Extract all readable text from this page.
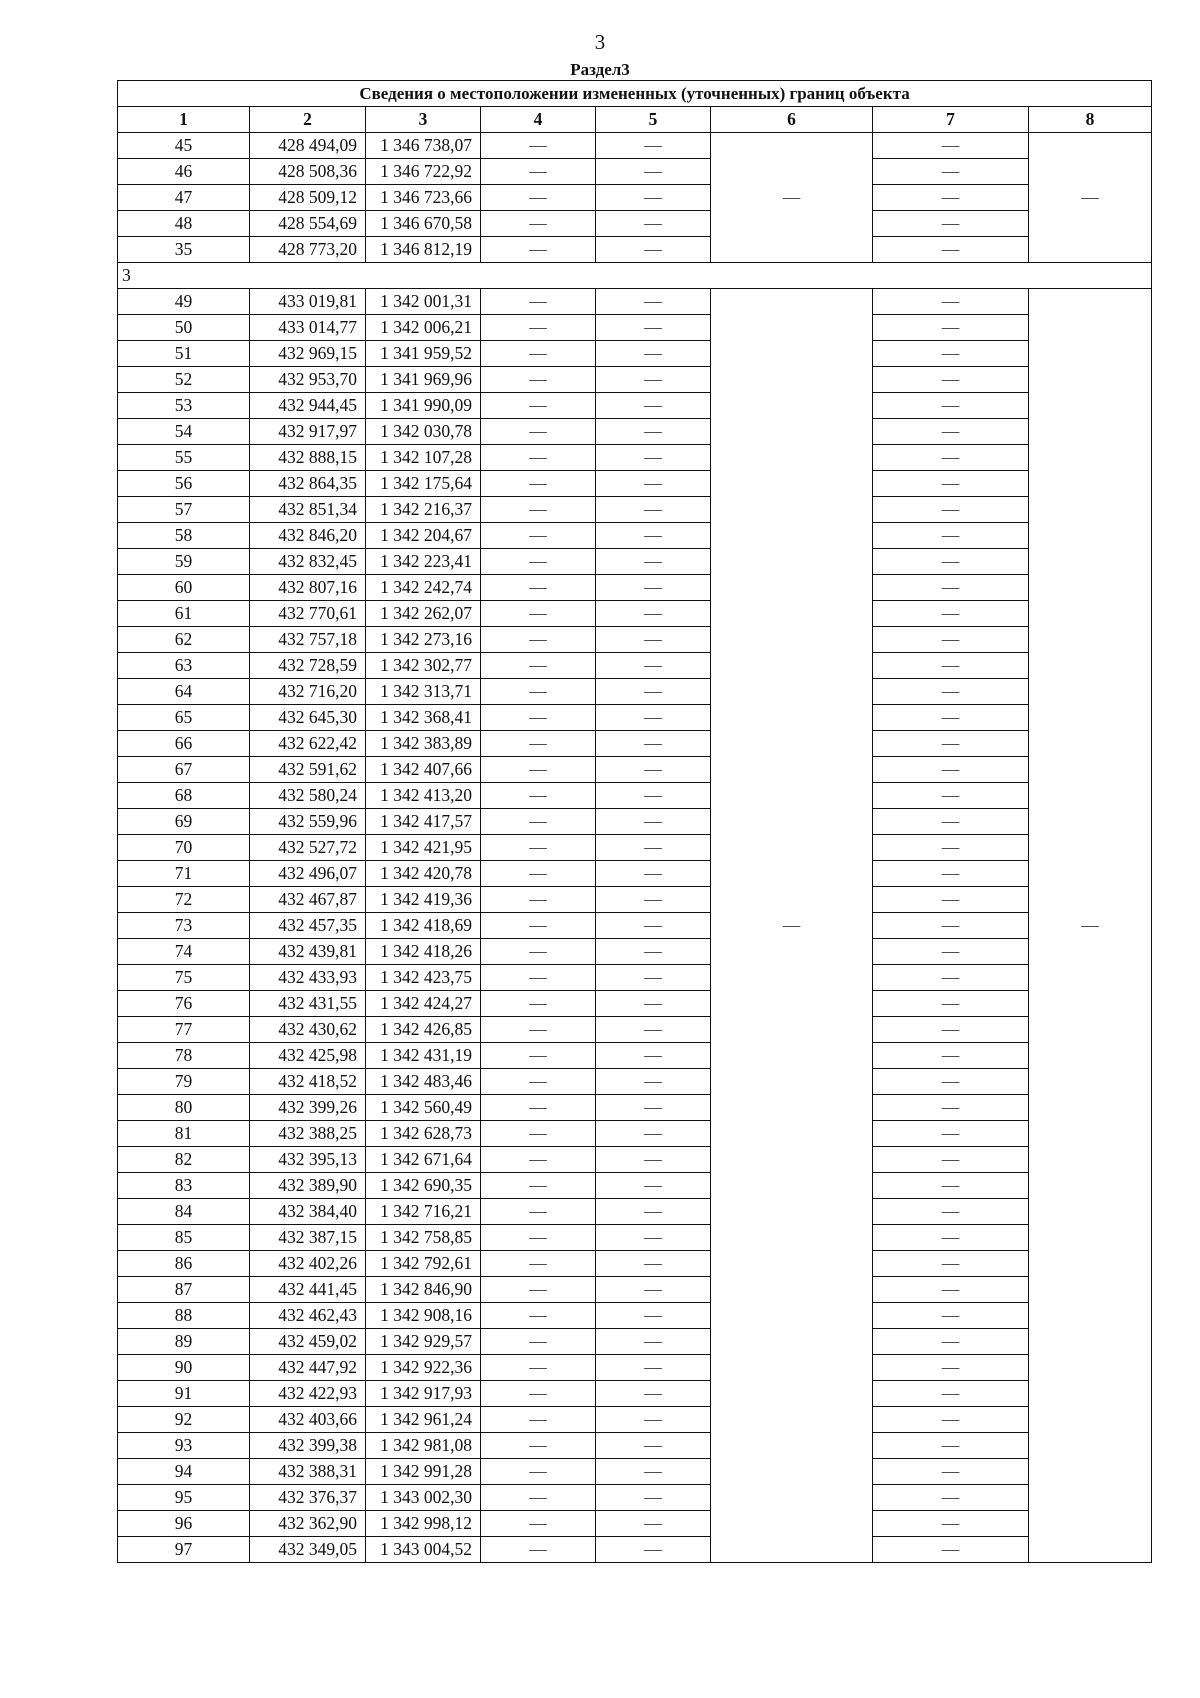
3
Раздел3
Сведения о местоположении измененных (уточненных) границ объекта							
1	2	3	4	5	6	7	8
45	428 494,09	1 346 738,07	—	—	—	—	—
46	428 508,36	1 346 722,92	—	—		—	
47	428 509,12	1 346 723,66	—	—		—	
48	428 554,69	1 346 670,58	—	—		—	
35	428 773,20	1 346 812,19	—	—		—	
3							
49	433 019,81	1 342 001,31	—	—	—	—	—
50	433 014,77	1 342 006,21	—	—		—	
51	432 969,15	1 341 959,52	—	—		—	
52	432 953,70	1 341 969,96	—	—		—	
53	432 944,45	1 341 990,09	—	—		—	
54	432 917,97	1 342 030,78	—	—		—	
55	432 888,15	1 342 107,28	—	—		—	
56	432 864,35	1 342 175,64	—	—		—	
57	432 851,34	1 342 216,37	—	—		—	
58	432 846,20	1 342 204,67	—	—		—	
59	432 832,45	1 342 223,41	—	—		—	
60	432 807,16	1 342 242,74	—	—		—	
61	432 770,61	1 342 262,07	—	—		—	
62	432 757,18	1 342 273,16	—	—		—	
63	432 728,59	1 342 302,77	—	—		—	
64	432 716,20	1 342 313,71	—	—		—	
65	432 645,30	1 342 368,41	—	—		—	
66	432 622,42	1 342 383,89	—	—		—	
67	432 591,62	1 342 407,66	—	—		—	
68	432 580,24	1 342 413,20	—	—		—	
69	432 559,96	1 342 417,57	—	—		—	
70	432 527,72	1 342 421,95	—	—		—	
71	432 496,07	1 342 420,78	—	—		—	
72	432 467,87	1 342 419,36	—	—		—	
73	432 457,35	1 342 418,69	—	—		—	
74	432 439,81	1 342 418,26	—	—		—	
75	432 433,93	1 342 423,75	—	—		—	
76	432 431,55	1 342 424,27	—	—		—	
77	432 430,62	1 342 426,85	—	—		—	
78	432 425,98	1 342 431,19	—	—		—	
79	432 418,52	1 342 483,46	—	—		—	
80	432 399,26	1 342 560,49	—	—		—	
81	432 388,25	1 342 628,73	—	—		—	
82	432 395,13	1 342 671,64	—	—		—	
83	432 389,90	1 342 690,35	—	—		—	
84	432 384,40	1 342 716,21	—	—		—	
85	432 387,15	1 342 758,85	—	—		—	
86	432 402,26	1 342 792,61	—	—		—	
87	432 441,45	1 342 846,90	—	—		—	
88	432 462,43	1 342 908,16	—	—		—	
89	432 459,02	1 342 929,57	—	—		—	
90	432 447,92	1 342 922,36	—	—		—	
91	432 422,93	1 342 917,93	—	—		—	
92	432 403,66	1 342 961,24	—	—		—	
93	432 399,38	1 342 981,08	—	—		—	
94	432 388,31	1 342 991,28	—	—		—	
95	432 376,37	1 343 002,30	—	—		—	
96	432 362,90	1 342 998,12	—	—		—	
97	432 349,05	1 343 004,52	—	—		—	
